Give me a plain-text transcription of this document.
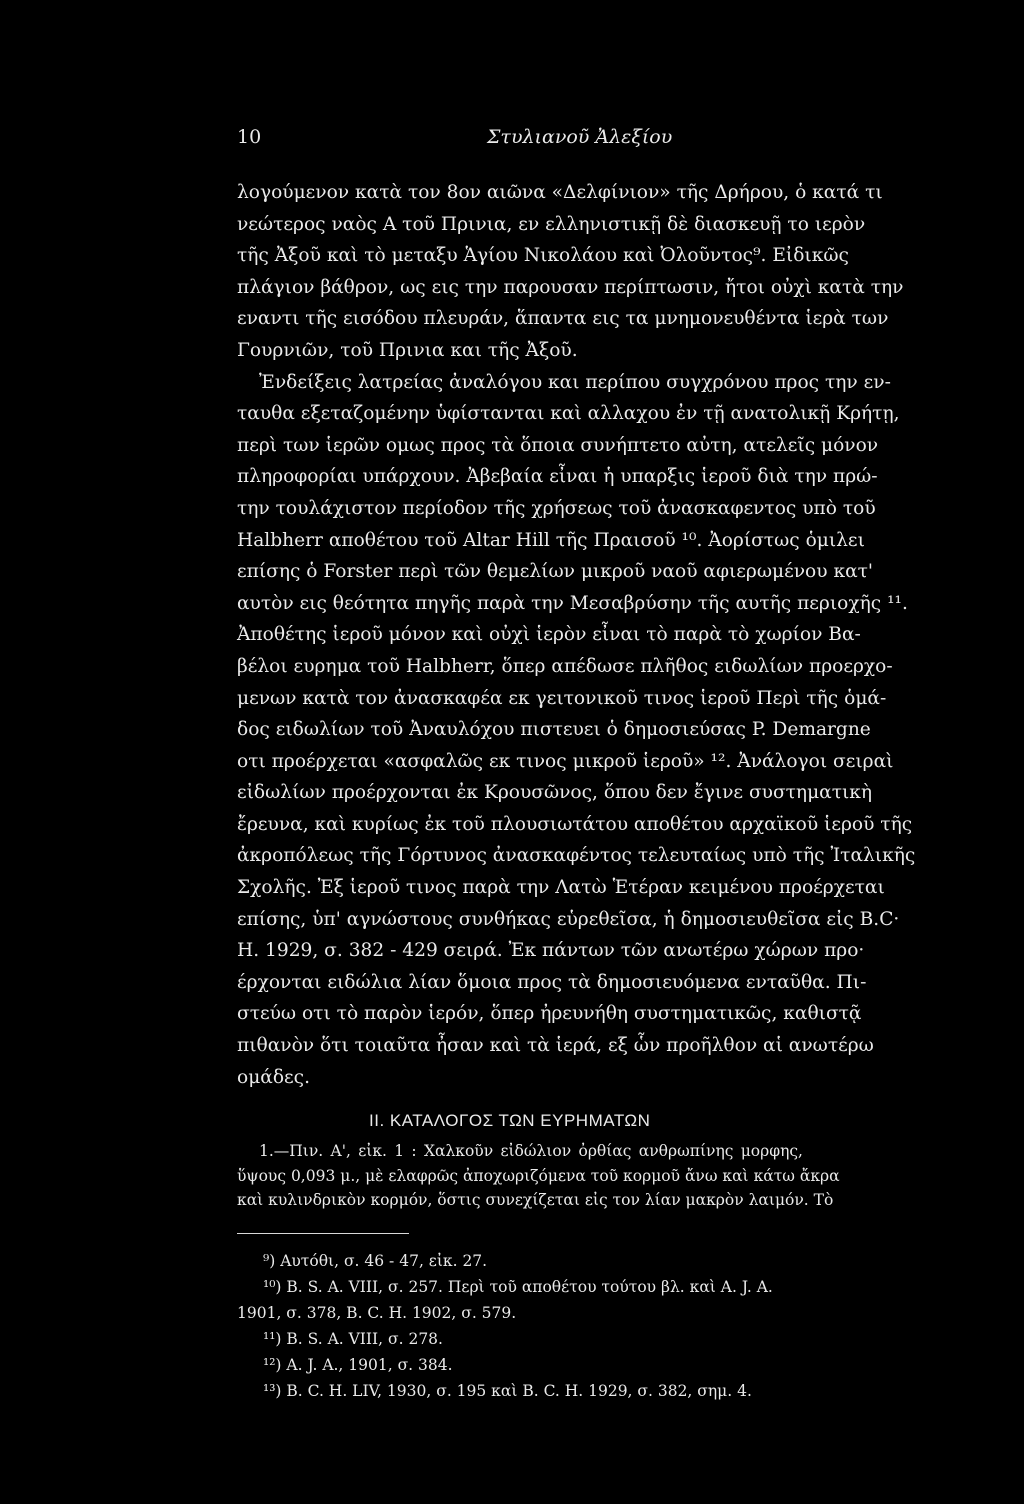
10	Στυλιανοῦ Ἀλεξίου
λογούμενον κατὰ τον 8ον αιῶνα «Δελφίνιον» τῆς Δρήρου, ὁ κατά τι
νεώτερος ναὸς Α τοῦ Πρινια, εν ελληνιστικῇ δὲ διασκευῇ το ιερὸν
τῆς Ἀξοῦ καὶ τὸ μεταξυ Ἁγίου Νικολάου καὶ Ὀλοῦντος⁹. Εἰδικῶς
πλάγιον βάθρον, ως εις την παρουσαν περίπτωσιν, ἤτοι οὐχὶ κατὰ την
εναντι τῆς εισόδου πλευράν, ἅπαντα εις τα μνημονευθέντα ἱερὰ των
Γουρνιῶν, τοῦ Πρινια και τῆς Ἀξοῦ.
Ἐνδείξεις λατρείας ἀναλόγου και περίπου συγχρόνου προς την εν-
ταυθα εξεταζομένην ὑφίστανται καὶ αλλαχου ἐν τῇ ανατολικῇ Κρήτῃ,
περὶ των ἱερῶν ομως προς τὰ ὅποια συνήπτετο αὐτη, ατελεῖς μόνον
πληροφορίαι υπάρχουν. Ἀβεβαία εἶναι ἡ υπαρξις ἱεροῦ διὰ την πρώ-
την τουλάχιστον περίοδον τῆς χρήσεως τοῦ ἀνασκαφεντος υπὸ τοῦ
Halbherr αποθέτου τοῦ Altar Hill τῆς Πραισοῦ ¹⁰. Ἀορίστως ὁμιλει
επίσης ὁ Forster περὶ τῶν θεμελίων μικροῦ ναοῦ αφιερωμένου κατ'
αυτὸν εις θεότητα πηγῆς παρὰ την Μεσαβρύσην τῆς αυτῆς περιοχῆς ¹¹.
Ἀποθέτης ἱεροῦ μόνον καὶ οὐχὶ ἱερὸν εἶναι τὸ παρὰ τὸ χωρίον Βα-
βέλοι ευρημα τοῦ Halbherr, ὅπερ απέδωσε πλῆθος ειδωλίων προερχο-
μενων κατὰ τον ἀνασκαφέα εκ γειτονικοῦ τινος ἱεροῦ Περὶ τῆς ὁμά-
δος ειδωλίων τοῦ Ἀναυλόχου πιστευει ὁ δημοσιεύσας P. Demargne
οτι προέρχεται «ασφαλῶς εκ τινος μικροῦ ἱεροῦ» ¹². Ἀνάλογοι σειραὶ
εἰδωλίων προέρχονται ἐκ Κρουσῶνος, ὅπου δεν ἔγινε συστηματικὴ
ἔρευνα, καὶ κυρίως ἐκ τοῦ πλουσιωτάτου αποθέτου αρχαϊκοῦ ἱεροῦ τῆς
ἀκροπόλεως τῆς Γόρτυνος ἀνασκαφέντος τελευταίως υπὸ τῆς Ἰταλικῆς
Σχολῆς. Ἐξ ἱεροῦ τινος παρὰ την Λατὼ Ἑτέραν κειμένου προέρχεται
επίσης, ὑπ' αγνώστους συνθήκας εὑρεθεῖσα, ἡ δημοσιευθεῖσα εἰς B.C·
H. 1929, σ. 382 - 429 σειρά. Ἐκ πάντων τῶν ανωτέρω χώρων προ·
έρχονται ειδώλια λίαν ὅμοια προς τὰ δημοσιευόμενα ενταῦθα. Πι-
στεύω οτι τὸ παρὸν ἱερόν, ὅπερ ἠρευνήθη συστηματικῶς, καθιστᾷ
πιθανὸν ὅτι τοιαῦτα ἦσαν καὶ τὰ ἱερά, εξ ὧν προῆλθον αἱ ανωτέρω
ομάδες.
II. ΚΑΤΑΛΟΓΟΣ ΤΩΝ ΕΥΡΗΜΑΤΩΝ
1.—Πιν. Α', εἰκ. 1 : Χαλκοῦν εἰδώλιον ὀρθίας ανθρωπίνης μορφης,
ὕψους 0,093 μ., μὲ ελαφρῶς ἀποχωριζόμενα τοῦ κορμοῦ ἄνω καὶ κάτω ἄκρα
καὶ κυλινδρικὸν κορμόν, ὅστις συνεχίζεται εἰς τον λίαν μακρὸν λαιμόν. Τὸ
⁹) Αυτόθι, σ. 46 - 47, εἰκ. 27.
¹⁰) B. S. A. VIII, σ. 257. Περὶ τοῦ αποθέτου τούτου βλ. καὶ A. J. A.
1901, σ. 378, B. C. H. 1902, σ. 579.
¹¹) B. S. A. VIII, σ. 278.
¹²) A. J. A., 1901, σ. 384.
¹³) B. C. H. LIV, 1930, σ. 195 καὶ B. C. H. 1929, σ. 382, σημ. 4.
